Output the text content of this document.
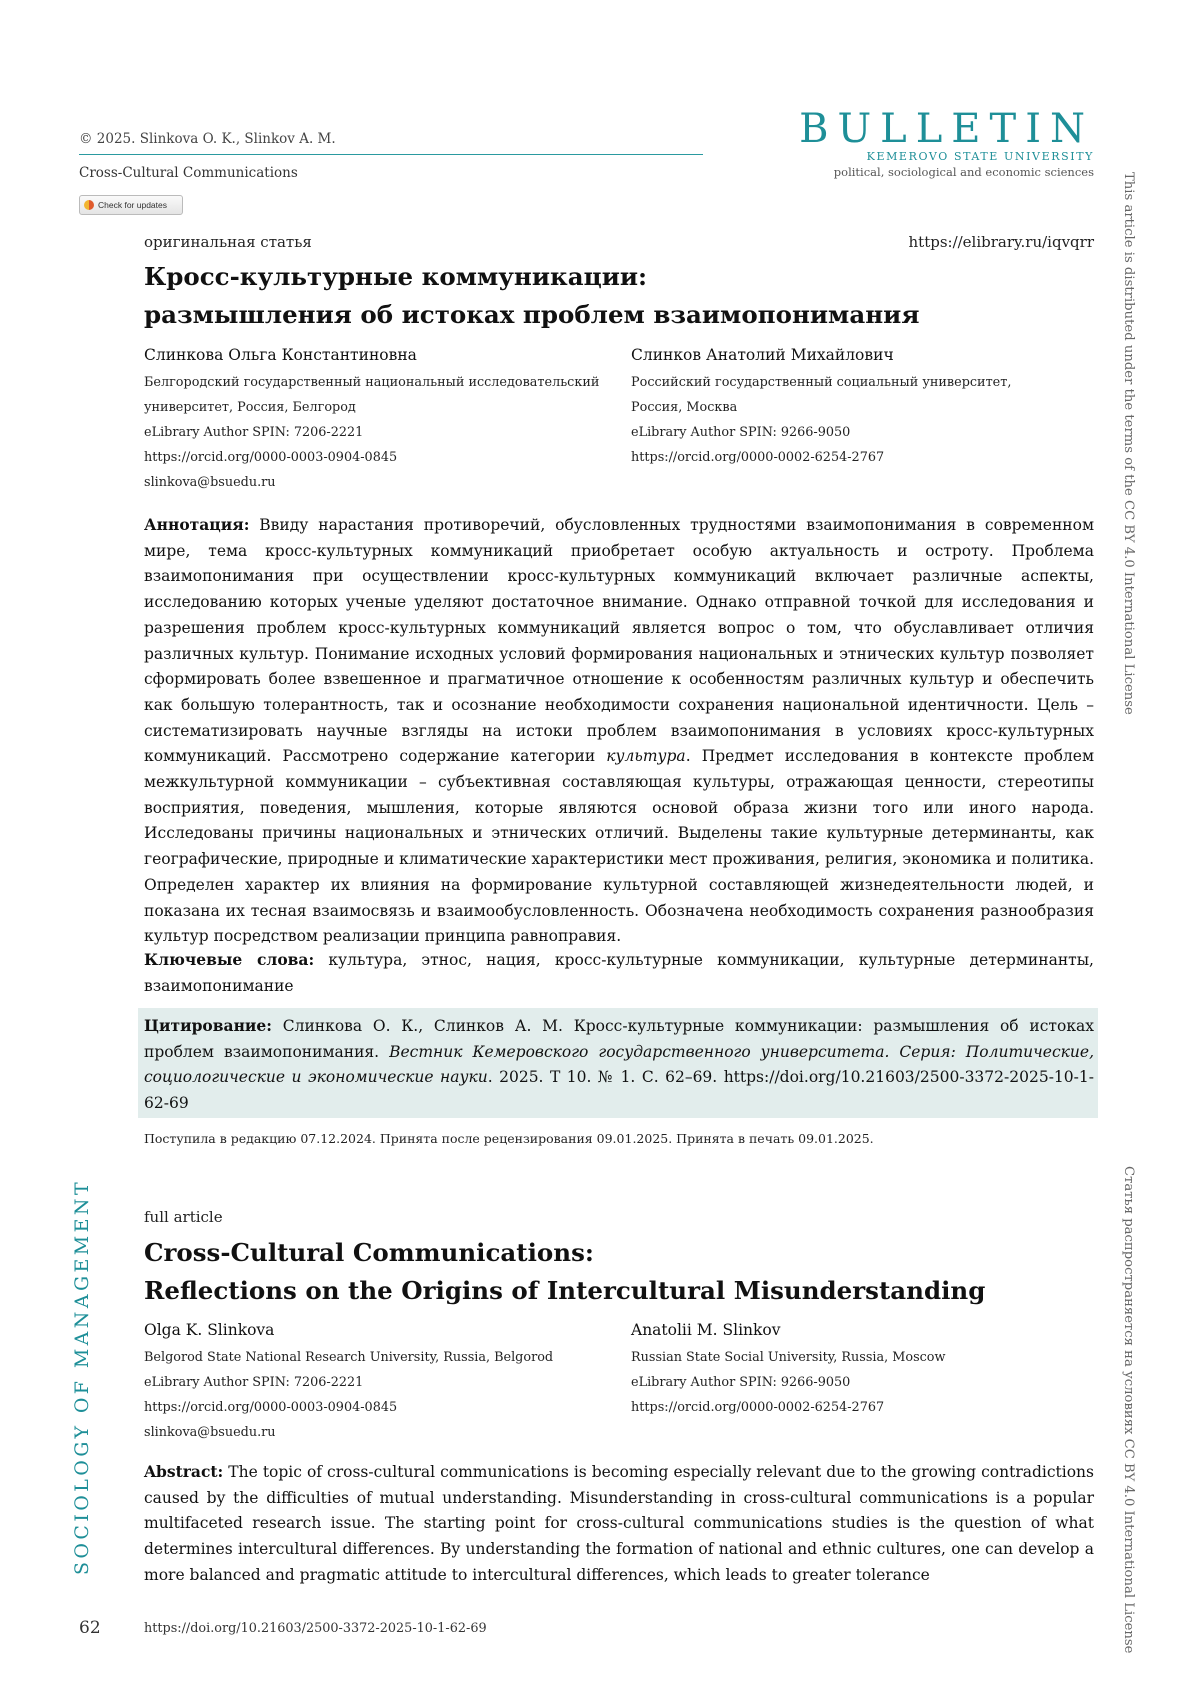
© 2025. Slinkova O. K., Slinkov A. M.
Cross-Cultural Communications
BULLETIN
KEMEROVO STATE UNIVERSITY
political, sociological and economic sciences
Check for updates
оригинальная статья	https://elibrary.ru/iqvqrr
Кросс-культурные коммуникации:
размышления об истоках проблем взаимопонимания
Слинкова Ольга Константиновна
Белгородский государственный национальный исследовательский
университет, Россия, Белгород
eLibrary Author SPIN: 7206-2221
https://orcid.org/0000-0003-0904-0845
slinkova@bsuedu.ru
Слинков Анатолий Михайлович
Российский государственный социальный университет,
Россия, Москва
eLibrary Author SPIN: 9266-9050
https://orcid.org/0000-0002-6254-2767
Аннотация: Ввиду нарастания противоречий, обусловленных трудностями взаимопонимания в современном мире, тема кросс-культурных коммуникаций приобретает особую актуальность и остроту. Проблема взаимопонимания при осуществлении кросс-культурных коммуникаций включает различные аспекты, исследованию которых ученые уделяют достаточное внимание. Однако отправной точкой для исследования и разрешения проблем кросс-культурных коммуникаций является вопрос о том, что обуславливает отличия различных культур. Понимание исходных условий формирования национальных и этнических культур позволяет сформировать более взвешенное и прагматичное отношение к особенностям различных культур и обеспечить как большую толерантность, так и осознание необходимости сохранения национальной идентичности. Цель – систематизировать научные взгляды на истоки проблем взаимопонимания в условиях кросс-культурных коммуникаций. Рассмотрено содержание категории культура. Предмет исследования в контексте проблем межкультурной коммуникации – субъективная составляющая культуры, отражающая ценности, стереотипы восприятия, поведения, мышления, которые являются основой образа жизни того или иного народа. Исследованы причины национальных и этнических отличий. Выделены такие культурные детерминанты, как географические, природные и климатические характеристики мест проживания, религия, экономика и политика. Определен характер их влияния на формирование культурной составляющей жизнедеятельности людей, и показана их тесная взаимосвязь и взаимообусловленность. Обозначена необходимость сохранения разнообразия культур посредством реализации принципа равноправия.
Ключевые слова: культура, этнос, нация, кросс-культурные коммуникации, культурные детерминанты, взаимопонимание
Цитирование: Слинкова О. К., Слинков А. М. Кросс-культурные коммуникации: размышления об истоках проблем взаимопонимания. Вестник Кемеровского государственного университета. Серия: Политические, социологические и экономические науки. 2025. Т 10. № 1. С. 62–69. https://doi.org/10.21603/2500-3372-2025-10-1-62-69
Поступила в редакцию 07.12.2024. Принята после рецензирования 09.01.2025. Принята в печать 09.01.2025.
full article
Cross-Cultural Communications:
Reflections on the Origins of Intercultural Misunderstanding
Olga K. Slinkova
Belgorod State National Research University, Russia, Belgorod
eLibrary Author SPIN: 7206-2221
https://orcid.org/0000-0003-0904-0845
slinkova@bsuedu.ru
Anatolii M. Slinkov
Russian State Social University, Russia, Moscow
eLibrary Author SPIN: 9266-9050
https://orcid.org/0000-0002-6254-2767
Abstract: The topic of cross-cultural communications is becoming especially relevant due to the growing contradictions caused by the difficulties of mutual understanding. Misunderstanding in cross-cultural communications is a popular multifaceted research issue. The starting point for cross-cultural communications studies is the question of what determines intercultural differences. By understanding the formation of national and ethnic cultures, one can develop a more balanced and pragmatic attitude to intercultural differences, which leads to greater tolerance
SOCIOLOGY OF MANAGEMENT
This article is distributed under the terms of the CC BY 4.0 International License
Статья распространяется на условиях CC BY 4.0 International License
62	https://doi.org/10.21603/2500-3372-2025-10-1-62-69
